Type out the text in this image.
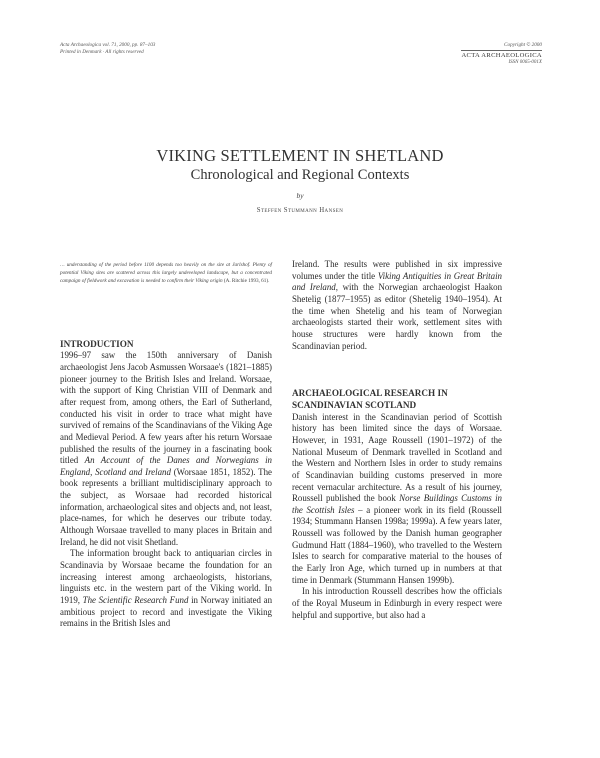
Acta Archaeologica vol. 71, 2000, pp. 87–103
Printed in Denmark · All rights reserved
Copyright © 2000
ACTA ARCHAEOLOGICA
ISSN 0065-001X
VIKING SETTLEMENT IN SHETLAND
Chronological and Regional Contexts
by
Steffen Stummann Hansen

… understanding of the period before 1100 depends too heavily on the site at Jarlshof. Plenty of potential Viking sites are scattered across this largely undeveloped landscape, but a concentrated campaign of fieldwork and excavation is needed to confirm their Viking origin (A. Ritchie 1993, 61).

INTRODUCTION

1996–97 saw the 150th anniversary of Danish archaeologist Jens Jacob Asmussen Worsaae's (1821–1885) pioneer journey to the British Isles and Ireland. Worsaae, with the support of King Christian VIII of Denmark and after request from, among others, the Earl of Sutherland, conducted his visit in order to trace what might have survived of remains of the Scandinavians of the Viking Age and Medieval Period. A few years after his return Worsaae published the results of the journey in a fascinating book titled An Account of the Danes and Norwegians in England, Scotland and Ireland (Worsaae 1851, 1852). The book represents a brilliant multidisciplinary approach to the subject, as Worsaae had recorded historical information, archaeological sites and objects and, not least, place-names, for which he deserves our tribute today. Although Worsaae travelled to many places in Britain and Ireland, he did not visit Shetland.

The information brought back to antiquarian circles in Scandinavia by Worsaae became the foundation for an increasing interest among archaeologists, historians, linguists etc. in the western part of the Viking world. In 1919, The Scientific Research Fund in Norway initiated an ambitious project to record and investigate the Viking remains in the British Isles and

Ireland. The results were published in six impressive volumes under the title Viking Antiquities in Great Britain and Ireland, with the Norwegian archaeologist Haakon Shetelig (1877–1955) as editor (Shetelig 1940–1954). At the time when Shetelig and his team of Norwegian archaeologists started their work, settlement sites with house structures were hardly known from the Scandinavian period.

ARCHAEOLOGICAL RESEARCH IN
SCANDINAVIAN SCOTLAND

Danish interest in the Scandinavian period of Scottish history has been limited since the days of Worsaae. However, in 1931, Aage Roussell (1901–1972) of the National Museum of Denmark travelled in Scotland and the Western and Northern Isles in order to study remains of Scandinavian building customs preserved in more recent vernacular architecture. As a result of his journey, Roussell published the book Norse Buildings Customs in the Scottish Isles – a pioneer work in its field (Roussell 1934; Stummann Hansen 1998a; 1999a). A few years later, Roussell was followed by the Danish human geographer Gudmund Hatt (1884–1960), who travelled to the Western Isles to search for comparative material to the houses of the Early Iron Age, which turned up in numbers at that time in Denmark (Stummann Hansen 1999b).

In his introduction Roussell describes how the officials of the Royal Museum in Edinburgh in every respect were helpful and supportive, but also had a
